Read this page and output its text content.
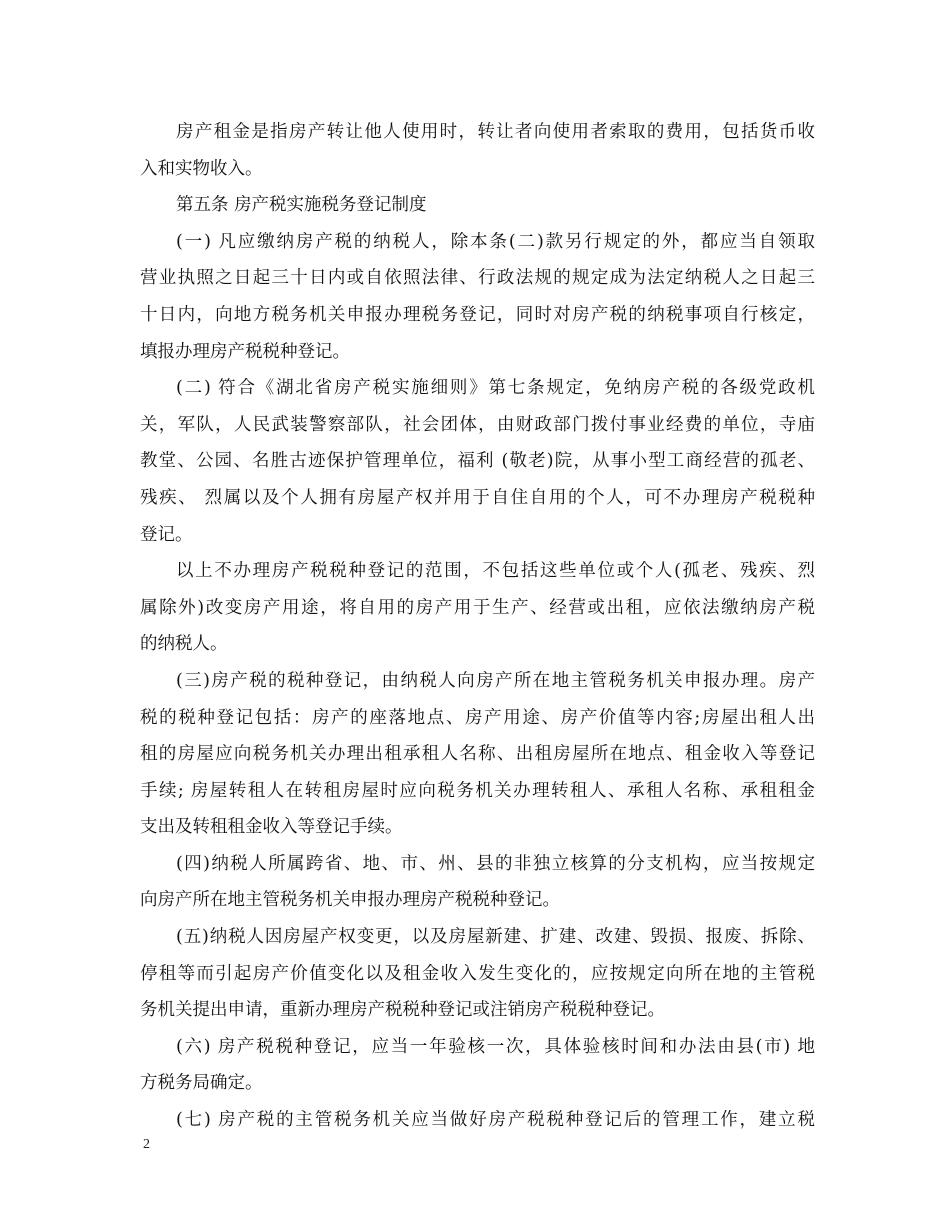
房产租金是指房产转让他人使用时，转让者向使用者索取的费用，包括货币收
入和实物收入。
第五条 房产税实施税务登记制度
(一) 凡应缴纳房产税的纳税人，除本条(二)款另行规定的外，都应当自领取
营业执照之日起三十日内或自依照法律、行政法规的规定成为法定纳税人之日起三
十日内，向地方税务机关申报办理税务登记，同时对房产税的纳税事项自行核定，
填报办理房产税税种登记。
(二) 符合《湖北省房产税实施细则》第七条规定，免纳房产税的各级党政机
关，军队，人民武装警察部队，社会团体，由财政部门拨付事业经费的单位，寺庙
教堂、公园、名胜古迹保护管理单位，福利 (敬老)院，从事小型工商经营的孤老、
残疾、 烈属以及个人拥有房屋产权并用于自住自用的个人，可不办理房产税税种
登记。
以上不办理房产税税种登记的范围，不包括这些单位或个人(孤老、残疾、烈
属除外)改变房产用途，将自用的房产用于生产、经营或出租，应依法缴纳房产税
的纳税人。
(三)房产税的税种登记，由纳税人向房产所在地主管税务机关申报办理。房产
税的税种登记包括：房产的座落地点、房产用途、房产价值等内容;房屋出租人出
租的房屋应向税务机关办理出租承租人名称、出租房屋所在地点、租金收入等登记
手续; 房屋转租人在转租房屋时应向税务机关办理转租人、承租人名称、承租租金
支出及转租租金收入等登记手续。
(四)纳税人所属跨省、地、市、州、县的非独立核算的分支机构，应当按规定
向房产所在地主管税务机关申报办理房产税税种登记。
(五)纳税人因房屋产权变更，以及房屋新建、扩建、改建、毁损、报废、拆除、
停租等而引起房产价值变化以及租金收入发生变化的，应按规定向所在地的主管税
务机关提出申请，重新办理房产税税种登记或注销房产税税种登记。
(六) 房产税税种登记，应当一年验核一次，具体验核时间和办法由县(市) 地
方税务局确定。
(七) 房产税的主管税务机关应当做好房产税税种登记后的管理工作，建立税
2
